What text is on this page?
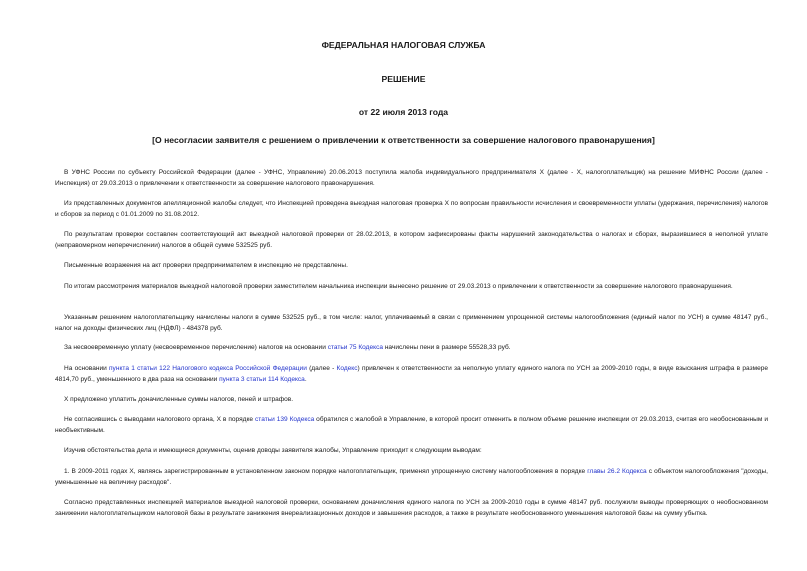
ФЕДЕРАЛЬНАЯ НАЛОГОВАЯ СЛУЖБА
РЕШЕНИЕ
от 22 июля 2013 года
[О несогласии заявителя с решением о привлечении к ответственности за совершение налогового правонарушения]
В УФНС России по субъекту Российской Федерации (далее - УФНС, Управление) 20.06.2013 поступила жалоба индивидуального предпринимателя Х (далее - Х, налогоплательщик) на решение МИФНС России (далее - Инспекция) от 29.03.2013 о привлечении к ответственности за совершение налогового правонарушения.
Из представленных документов апелляционной жалобы следует, что Инспекцией проведена выездная налоговая проверка Х по вопросам правильности исчисления и своевременности уплаты (удержания, перечисления) налогов и сборов за период с 01.01.2009 по 31.08.2012.
По результатам проверки составлен соответствующий акт выездной налоговой проверки от 28.02.2013, в котором зафиксированы факты нарушений законодательства о налогах и сборах, выразившиеся в неполной уплате (неправомерном неперечислении) налогов в общей сумме 532525 руб.
Письменные возражения на акт проверки предпринимателем в инспекцию не представлены.
По итогам рассмотрения материалов выездной налоговой проверки заместителем начальника инспекции вынесено решение от 29.03.2013 о привлечении к ответственности за совершение налогового правонарушения.
Указанным решением налогоплательщику начислены налоги в сумме 532525 руб., в том числе: налог, уплачиваемый в связи с применением упрощенной системы налогообложения (единый налог по УСН) в сумме 48147 руб., налог на доходы физических лиц (НДФЛ) - 484378 руб.
За несвоевременную уплату (несвоевременное перечисление) налогов на основании статьи 75 Кодекса начислены пени в размере 55528,33 руб.
На основании пункта 1 статьи 122 Налогового кодекса Российской Федерации (далее - Кодекс) привлечен к ответственности за неполную уплату единого налога по УСН за 2009-2010 годы, в виде взыскания штрафа в размере 4814,70 руб., уменьшенного в два раза на основании пункта 3 статьи 114 Кодекса.
Х предложено уплатить доначисленные суммы налогов, пеней и штрафов.
Не согласившись с выводами налогового органа, Х в порядке статьи 139 Кодекса обратился с жалобой в Управление, в которой просит отменить в полном объеме решение инспекции от 29.03.2013, считая его необоснованным и необъективным.
Изучив обстоятельства дела и имеющиеся документы, оценив доводы заявителя жалобы, Управление приходит к следующим выводам:
1. В 2009-2011 годах Х, являясь зарегистрированным в установленном законом порядке налогоплательщик, применял упрощенную систему налогообложения в порядке главы 26.2 Кодекса с объектом налогообложения "доходы, уменьшенные на величину расходов".
Согласно представленных инспекцией материалов выездной налоговой проверки, основанием доначисления единого налога по УСН за 2009-2010 годы в сумме 48147 руб. послужили выводы проверяющих о необоснованном занижении налогоплательщиком налоговой базы в результате занижения внереализационных доходов и завышения расходов, а также в результате необоснованного уменьшения налоговой базы на сумму убытка.
